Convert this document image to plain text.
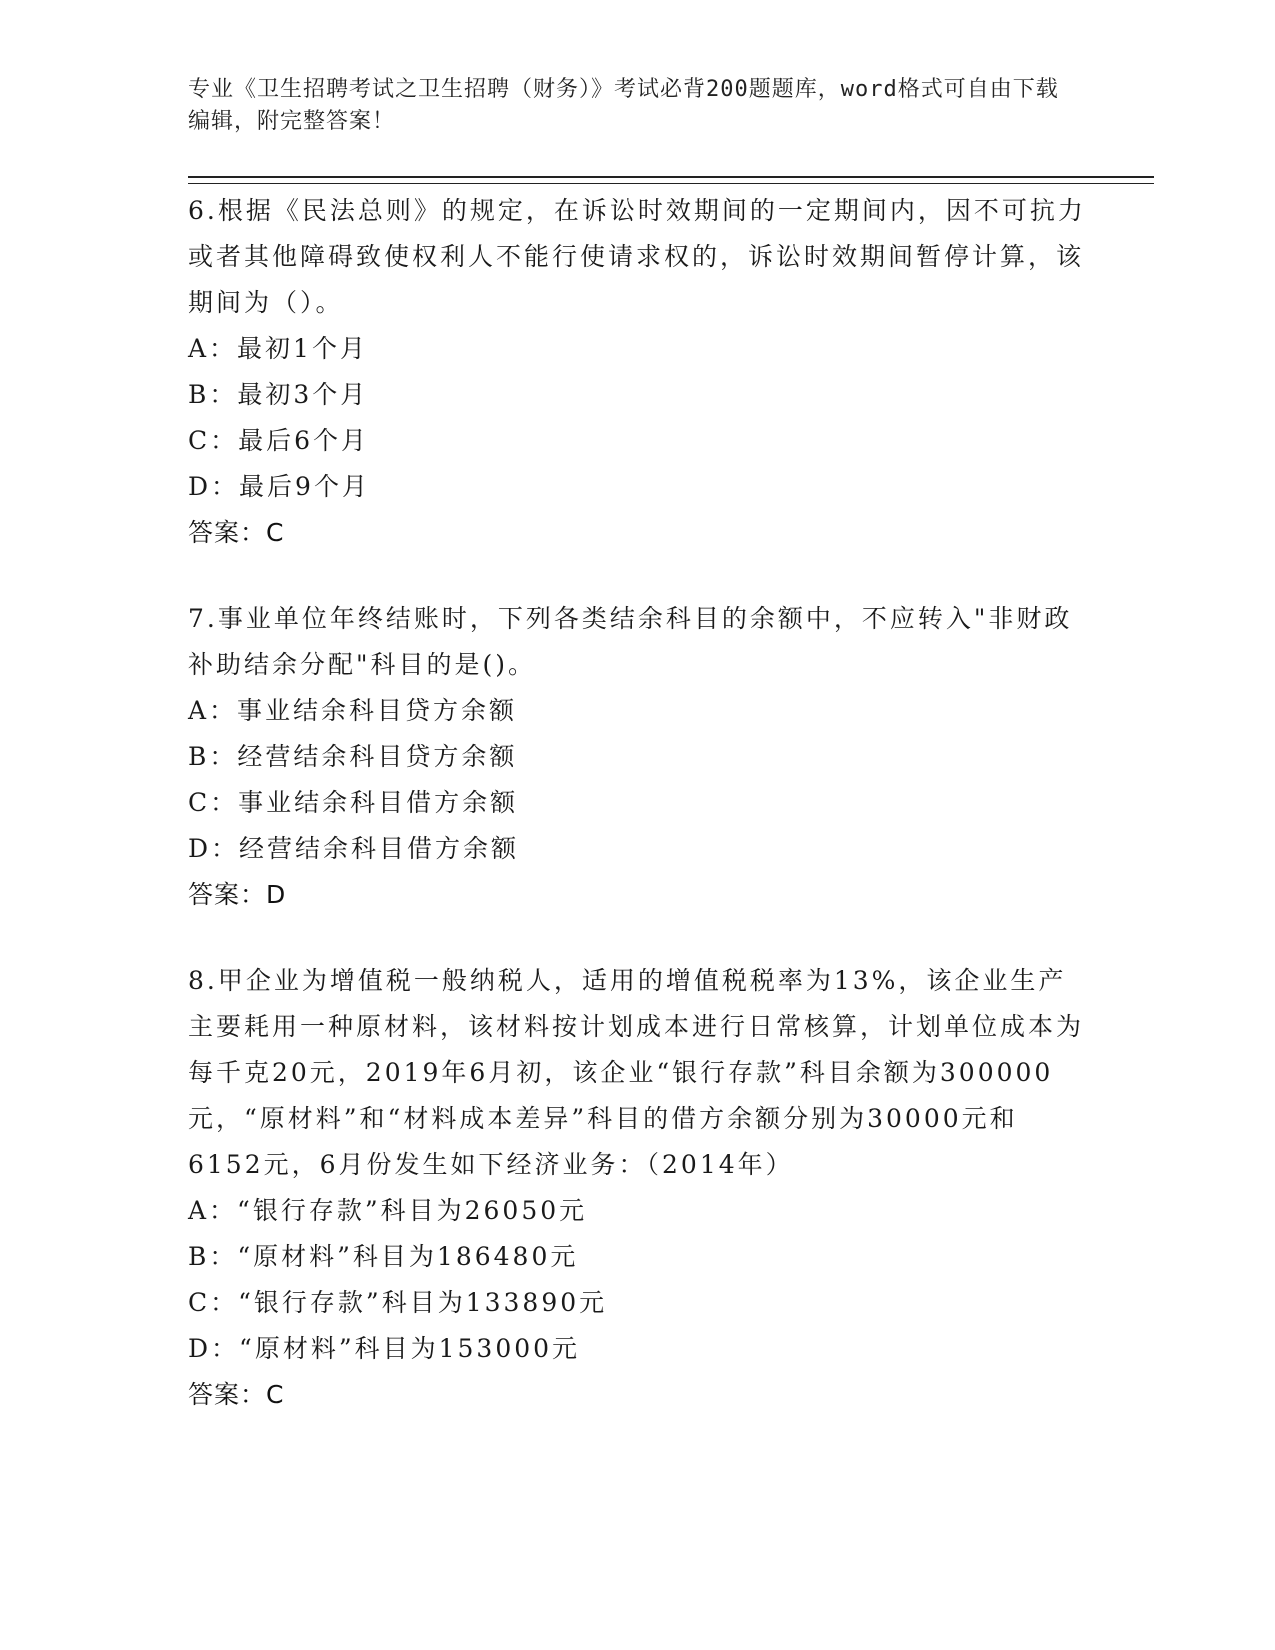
专业《卫生招聘考试之卫生招聘（财务）》考试必背200题题库，word格式可自由下载编辑，附完整答案！

6.根据《民法总则》的规定，在诉讼时效期间的一定期间内，因不可抗力或者其他障碍致使权利人不能行使请求权的，诉讼时效期间暂停计算，该期间为（）。

A：最初1个月

B：最初3个月

C：最后6个月

D：最后9个月

答案：C

7.事业单位年终结账时，下列各类结余科目的余额中，不应转入"非财政补助结余分配"科目的是()。

A：事业结余科目贷方余额

B：经营结余科目贷方余额

C：事业结余科目借方余额

D：经营结余科目借方余额

答案：D

8.甲企业为增值税一般纳税人，适用的增值税税率为13%，该企业生产主要耗用一种原材料，该材料按计划成本进行日常核算，计划单位成本为每千克20元，2019年6月初，该企业“银行存款”科目余额为300000元，“原材料”和“材料成本差异”科目的借方余额分别为30000元和6152元，6月份发生如下经济业务：（2014年）

A：“银行存款”科目为26050元

B：“原材料”科目为186480元

C：“银行存款”科目为133890元

D：“原材料”科目为153000元

答案：C
